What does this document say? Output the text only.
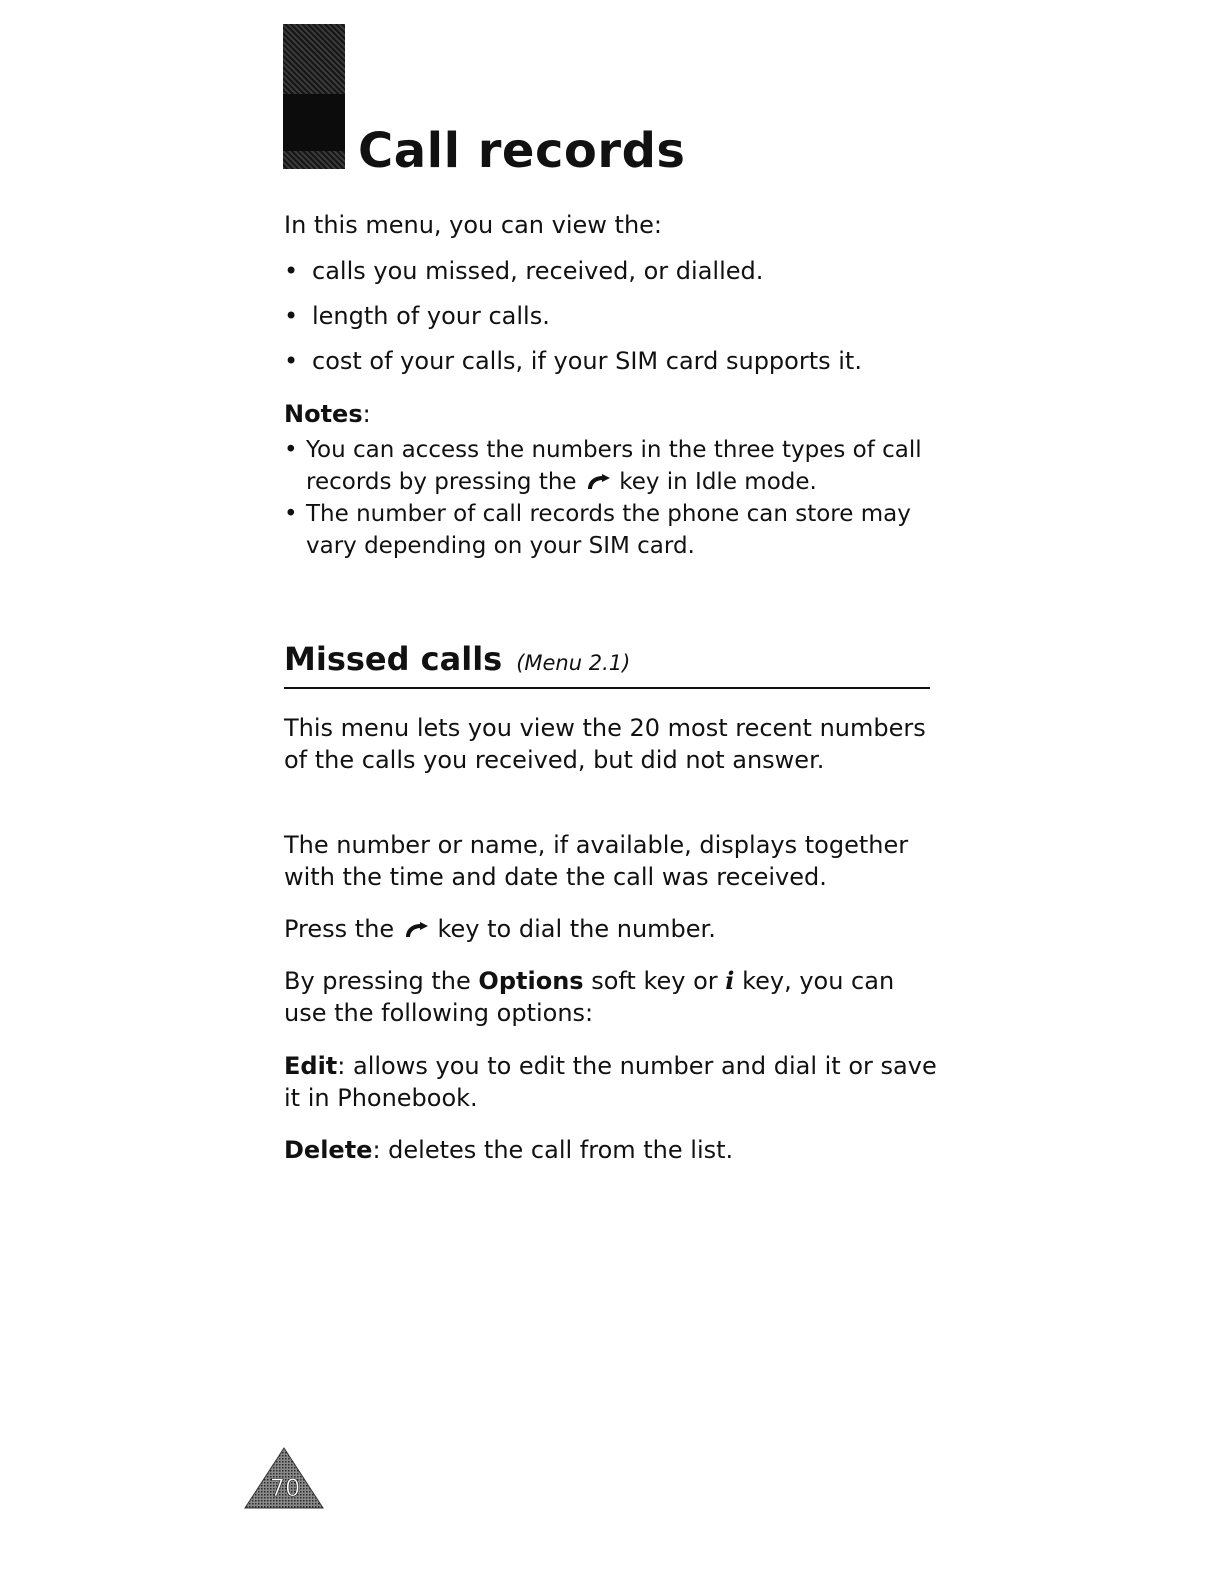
Call records

In this menu, you can view the:

• calls you missed, received, or dialled.
• length of your calls.
• cost of your calls, if your SIM card supports it.

Notes:

• You can access the numbers in the three types of call records by pressing the key in Idle mode.
• The number of call records the phone can store may vary depending on your SIM card.
Missed calls (Menu 2.1)

This menu lets you view the 20 most recent numbers of the calls you received, but did not answer.

The number or name, if available, displays together with the time and date the call was received.

Press the key to dial the number.

By pressing the Options soft key or i key, you can use the following options:

Edit: allows you to edit the number and dial it or save it in Phonebook.

Delete: deletes the call from the list.

70
